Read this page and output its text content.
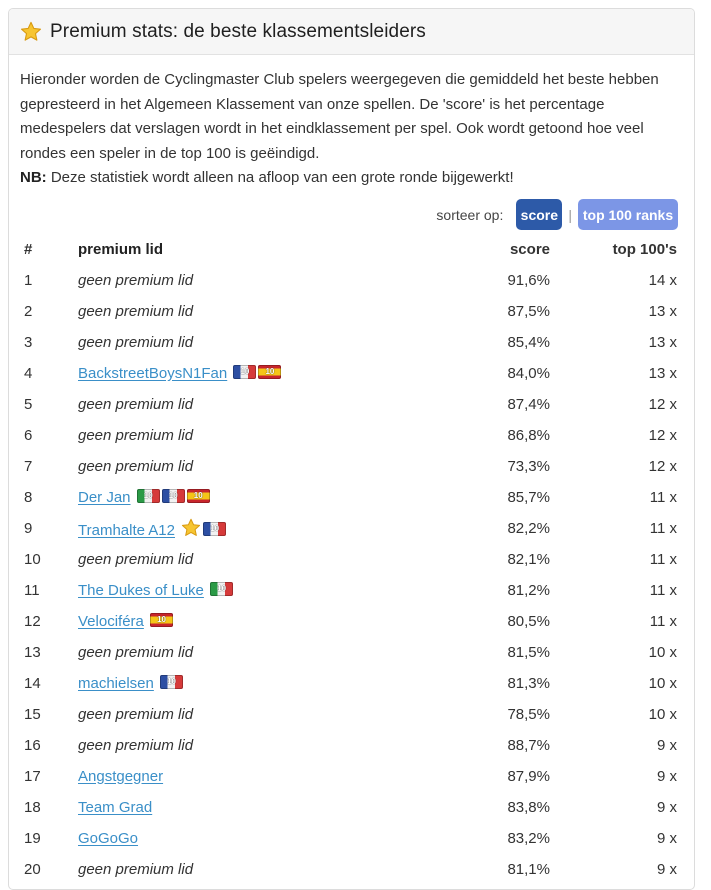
Premium stats: de beste klassementsleiders
Hieronder worden de Cyclingmaster Club spelers weergegeven die gemiddeld het beste hebben gepresteerd in het Algemeen Klassement van onze spellen. De 'score' is het percentage medespelers dat verslagen wordt in het eindklassement per spel. Ook wordt getoond hoe veel rondes een speler in de top 100 is geëindigd.
NB: Deze statistiek wordt alleen na afloop van een grote ronde bijgewerkt!
sorteer op:	score | top 100 ranks
#	premium lid	score	top 100's
1	geen premium lid	91,6%	14 x
2	geen premium lid	87,5%	13 x
3	geen premium lid	85,4%	13 x
4	BackstreetBoysN1Fan 10 10	84,0%	13 x
5	geen premium lid	87,4%	12 x
6	geen premium lid	86,8%	12 x
7	geen premium lid	73,3%	12 x
8	Der Jan 10 10 10	85,7%	11 x
9	Tramhalte A12 10	82,2%	11 x
10	geen premium lid	82,1%	11 x
11	The Dukes of Luke 10	81,2%	11 x
12	Velociféra 10	80,5%	11 x
13	geen premium lid	81,5%	10 x
14	machielsen 10	81,3%	10 x
15	geen premium lid	78,5%	10 x
16	geen premium lid	88,7%	9 x
17	Angstgegner	87,9%	9 x
18	Team Grad	83,8%	9 x
19	GoGoGo	83,2%	9 x
20	geen premium lid	81,1%	9 x
